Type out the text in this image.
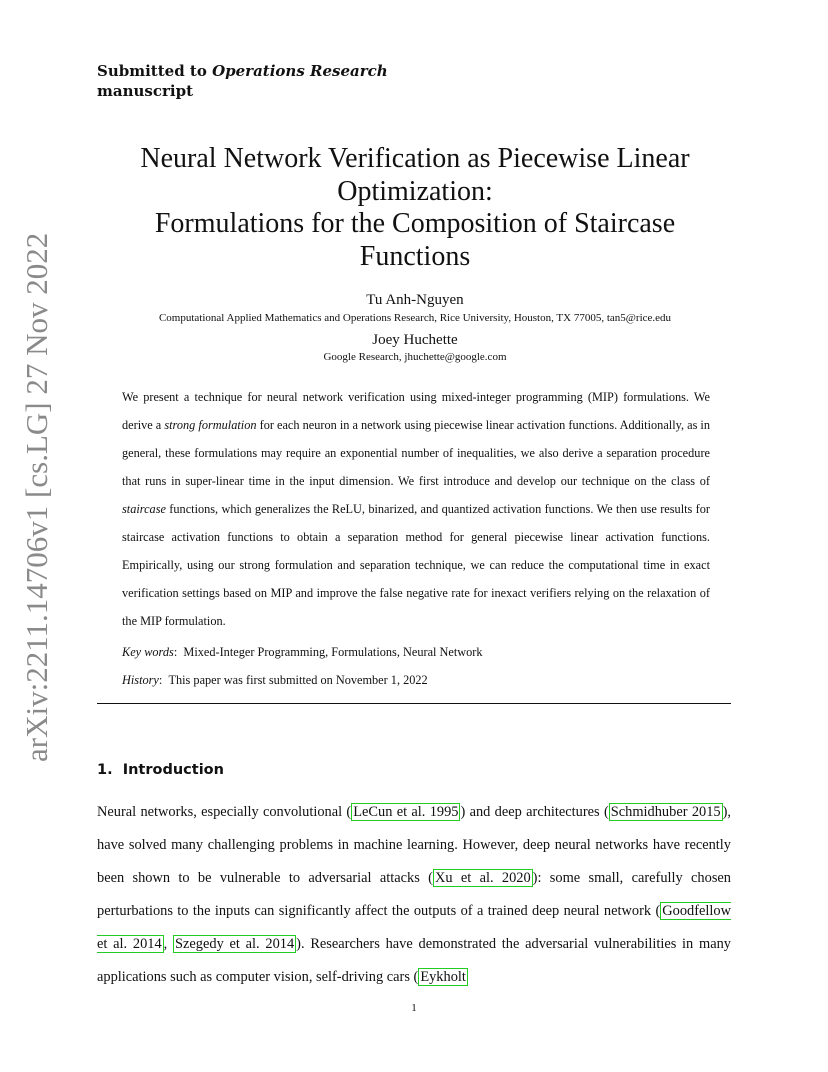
Submitted to Operations Research
manuscript
arXiv:2211.14706v1 [cs.LG] 27 Nov 2022
Neural Network Verification as Piecewise Linear
Optimization:
Formulations for the Composition of Staircase
Functions
Tu Anh-Nguyen
Computational Applied Mathematics and Operations Research, Rice University, Houston, TX 77005, tan5@rice.edu
Joey Huchette
Google Research, jhuchette@google.com
We present a technique for neural network verification using mixed-integer programming (MIP) formulations. We derive a strong formulation for each neuron in a network using piecewise linear activation functions. Additionally, as in general, these formulations may require an exponential number of inequalities, we also derive a separation procedure that runs in super-linear time in the input dimension. We first introduce and develop our technique on the class of staircase functions, which generalizes the ReLU, binarized, and quantized activation functions. We then use results for staircase activation functions to obtain a separation method for general piecewise linear activation functions. Empirically, using our strong formulation and separation technique, we can reduce the computational time in exact verification settings based on MIP and improve the false negative rate for inexact verifiers relying on the relaxation of the MIP formulation.
Key words:  Mixed-Integer Programming, Formulations, Neural Network
History:  This paper was first submitted on November 1, 2022
1. Introduction
Neural networks, especially convolutional ( LeCun et al. 1995 ) and deep architectures ( Schmidhuber 2015 ), have solved many challenging problems in machine learning. However, deep neural networks have recently been shown to be vulnerable to adversarial attacks ( Xu et al. 2020 ): some small, carefully chosen perturbations to the inputs can significantly affect the outputs of a trained deep neural network ( Goodfellow et al. 2014 , Szegedy et al. 2014 ). Researchers have demonstrated the adversarial vulnerabilities in many applications such as computer vision, self-driving cars ( Eykholt
1
